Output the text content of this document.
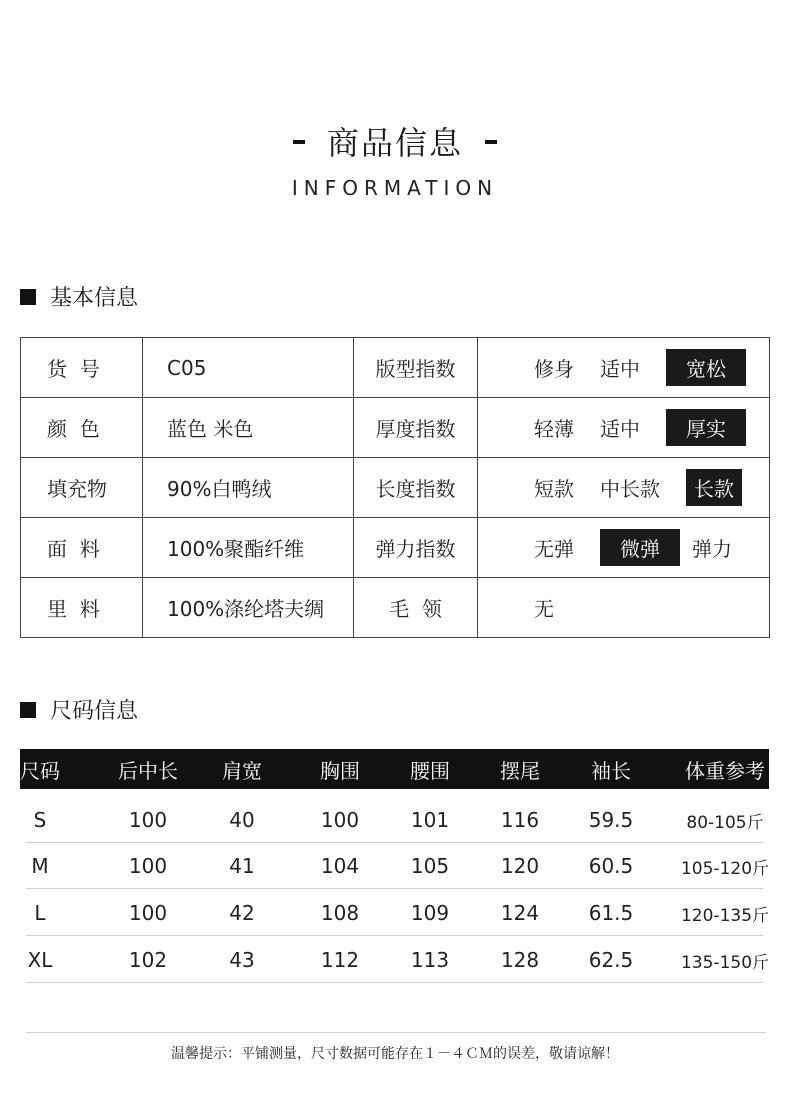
商品信息
INFORMATION
基本信息
货  号	C05	版型指数	修身 适中 宽松

颜  色	蓝色 米色	厚度指数	轻薄 适中 厚实

填充物	90%白鸭绒	长度指数	短款 中长款 长款

面  料	100%聚酯纤维	弹力指数	无弹 微弹 弹力

里  料	100%涤纶塔夫绸	毛  领	无
尺码信息
尺码	后中长	肩宽	胸围	腰围	摆尾	袖长	体重参考
S	100	40	100	101	116	59.5	80-105斤
M	100	41	104	105	120	60.5	105-120斤
L	100	42	108	109	124	61.5	120-135斤
XL	102	43	112	113	128	62.5	135-150斤
温馨提示：平铺测量，尺寸数据可能存在１－４ＣＭ的误差，敬请谅解！
